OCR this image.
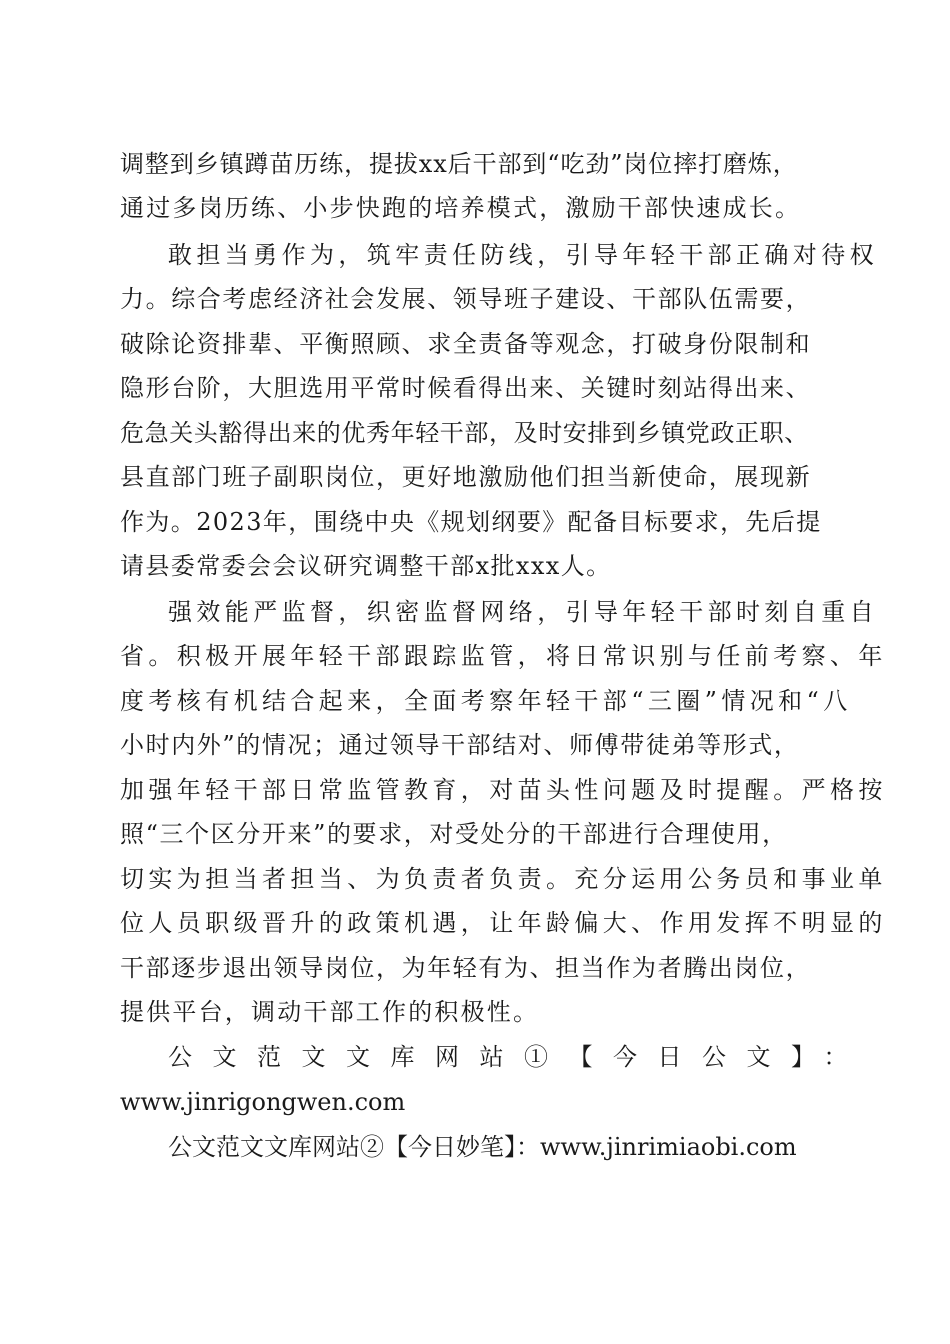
调整到乡镇蹲苗历练，提拔xx后干部到“吃劲”岗位摔打磨炼，
通过多岗历练、小步快跑的培养模式，激励干部快速成长。
敢担当勇作为，筑牢责任防线，引导年轻干部正确对待权
力。综合考虑经济社会发展、领导班子建设、干部队伍需要，
破除论资排辈、平衡照顾、求全责备等观念，打破身份限制和
隐形台阶，大胆选用平常时候看得出来、关键时刻站得出来、
危急关头豁得出来的优秀年轻干部，及时安排到乡镇党政正职、
县直部门班子副职岗位，更好地激励他们担当新使命，展现新
作为。2023年，围绕中央《规划纲要》配备目标要求，先后提
请县委常委会会议研究调整干部x批xxx人。
强效能严监督，织密监督网络，引导年轻干部时刻自重自
省。积极开展年轻干部跟踪监管，将日常识别与任前考察、年
度考核有机结合起来，全面考察年轻干部“三圈”情况和“八
小时内外”的情况；通过领导干部结对、师傅带徒弟等形式，
加强年轻干部日常监管教育，对苗头性问题及时提醒。严格按
照“三个区分开来”的要求，对受处分的干部进行合理使用，
切实为担当者担当、为负责者负责。充分运用公务员和事业单
位人员职级晋升的政策机遇，让年龄偏大、作用发挥不明显的
干部逐步退出领导岗位，为年轻有为、担当作为者腾出岗位，
提供平台，调动干部工作的积极性。
公文范文文库网站①【今日公文】：
www.jinrigongwen.com
公文范文文库网站②【今日妙笔】：www.jinrimiaobi.com
